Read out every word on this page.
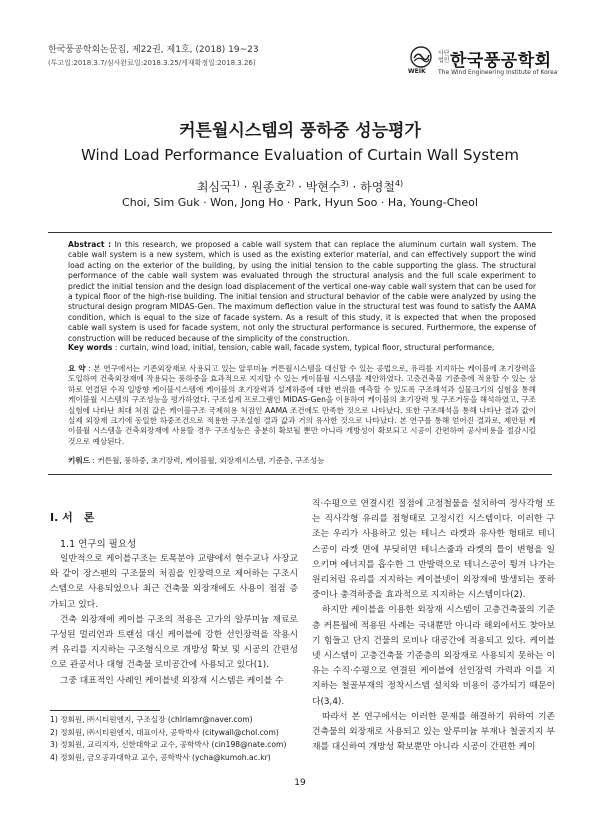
한국풍공학회논문집, 제22권, 제1호, (2018) 19~23
(투고일:2018.3.7/심사완료일:2018.3.25/게재확정일:2018.3.26)
WEIK
사단 법인 한국풍공학회
The Wind Engineering Institute of Korea
커튼월시스템의 풍하중 성능평가
Wind Load Performance Evaluation of Curtain Wall System
최심국$^{1)}$ · 원종호$^{2)}$ · 박현수$^{3)}$ · 하영철$^{4)}$
Choi, Sim Guk · Won, Jong Ho · Park, Hyun Soo · Ha, Young-Cheol
Abstract : In this research, we proposed a cable wall system that can replace the aluminum curtain wall system. The cable wall system is a new system, which is used as the existing exterior material, and can effectively support the wind load acting on the exterior of the building, by using the initial tension to the cable supporting the glass. The structural performance of the cable wall system was evaluated through the structural analysis and the full scale experiment to predict the initial tension and the design load displacement of the vertical one-way cable wall system that can be used for a typical floor of the high-rise building. The initial tension and structural behavior of the cable were analyzed by using the structural design program MIDAS-Gen. The maximum deflection value in the structural test was found to satisfy the AAMA condition, which is equal to the size of facade system. As a result of this study, it is expected that when the proposed cable wall system is used for facade system, not only the structural performance is secured. Furthermore, the expense of construction will be reduced because of the simplicity of the construction.
Key words : curtain, wind load, initial, tension, cable wall, facade system, typical floor, structural performance,
요 약 : 본 연구에서는 기존외장재로 사용되고 있는 알루미늄 커튼월시스템을 대신할 수 있는 공법으로, 유리를 지지하는 케이블에 초기장력을 도입하여 건축외장재에 작용되는 풍하중을 효과적으로 지지할 수 있는 케이블월 시스템을 제안하였다. 고층건축물 기준층에 적용할 수 있는 상하로 연결된 수직 일방향 케이블시스템에 케이블의 초기장력과 설계하중에 대한 변위를 예측할 수 있도록 구조해석과 실물크기의 실험을 통해 케이블월 시스템의 구조성능을 평가하였다. 구조설계 프로그램인 MIDAS-Gen을 이용하여 케이블의 초기장력 및 구조거동을 해석하였고, 구조실험에 나타난 최대 처짐 값은 케이블구조 국제허용 처짐인 AAMA 조건에도 만족한 것으로 나타났다. 또한 구조해석을 통해 나타난 결과 값이 실제 외장재 크기에 동일한 하중조건으로 적용한 구조실험 결과 값과 거의 유사한 것으로 나타났다. 본 연구를 통해 얻어진 결과로, 제안된 케이블월 시스템을 건축외장재에 사용할 경우 구조성능은 충분히 확보될 뿐만 아니라 개방성이 확보되고 시공이 간편하여 공사비용을 절감시킬 것으로 예상된다.
키워드 : 커튼월, 풍하중, 초기장력, 케이블월, 외장재시스템, 기준층, 구조성능
I. 서　론
1.1 연구의 필요성

일반적으로 케이블구조는 토목분야 교량에서 현수교나 사장교와 같이 장스팬의 구조물의 처짐을 인장력으로 제어하는 구조시스템으로 사용되었으나 최근 건축물 외장재에도 사용이 점점 증가되고 있다.

건축 외장재에 케이블 구조의 적용은 고가의 알루미늄 재료로 구성된 멀리언과 트랜섬 대신 케이블에 강한 선인장력을 작용시켜 유리를 지지하는 구조형식으로 개방성 확보 및 시공의 간편성으로 관공서나 대형 건축물 로비공간에 사용되고 있다(1).

그중 대표적인 사례인 케이블넷 외장재 시스템은 케이블 수

직·수평으로 연결시킨 절점에 고정철물을 설치하여 정사각형 또는 직사각형 유리를 점형태로 고정시킨 시스템이다. 이러한 구조는 우리가 사용하고 있는 테니스 라켓과 유사한 형태로 테니스공이 라켓 면에 부딪히면 테니스줄과 라켓의 틀이 변형을 일으키며 에너지를 흡수한 그 반발력으로 테니스공이 튕겨 나가는 원리처럼 유리를 지지하는 케이블넷이 외장재에 발생되는 풍하중이나 충격하중을 효과적으로 지지하는 시스템이다(2).

하지만 케이블을 이용한 외장재 시스템이 고층건축물의 기준층 커튼월에 적용된 사례는 국내뿐만 아니라 해외에서도 찾아보기 힘들고 단지 건물의 로비나 대공간에 적용되고 있다. 케이블넷 시스템이 고층건축물 기준층의 외장재로 사용되지 못하는 이유는 수직·수평으로 연결된 케이블에 선인장력 가력과 이를 지지하는 철골부재의 정착시스템 설치와 비용이 증가되기 때문이다(3,4).

따라서 본 연구에서는 이러한 문제를 해결하기 위하여 기존 건축물의 외장재로 사용되고 있는 알루미늄 부재나 철골지지 부재를 대신하여 개방성 확보뿐만 아니라 시공이 간편한 케이

1) 정회원, ㈜시티원엔지, 구조실장 (chlrlamr@naver.com)
2) 정회원, ㈜시티원엔지, 대표이사, 공학박사 (citywall@chol.com)
3) 정회원, 교리지자, 신한대학교 교수, 공학박사 (cin198@nate.com)
4) 정회원, 금오공과대학교 교수, 공학박사 (ycha@kumoh.ac.kr)
19
